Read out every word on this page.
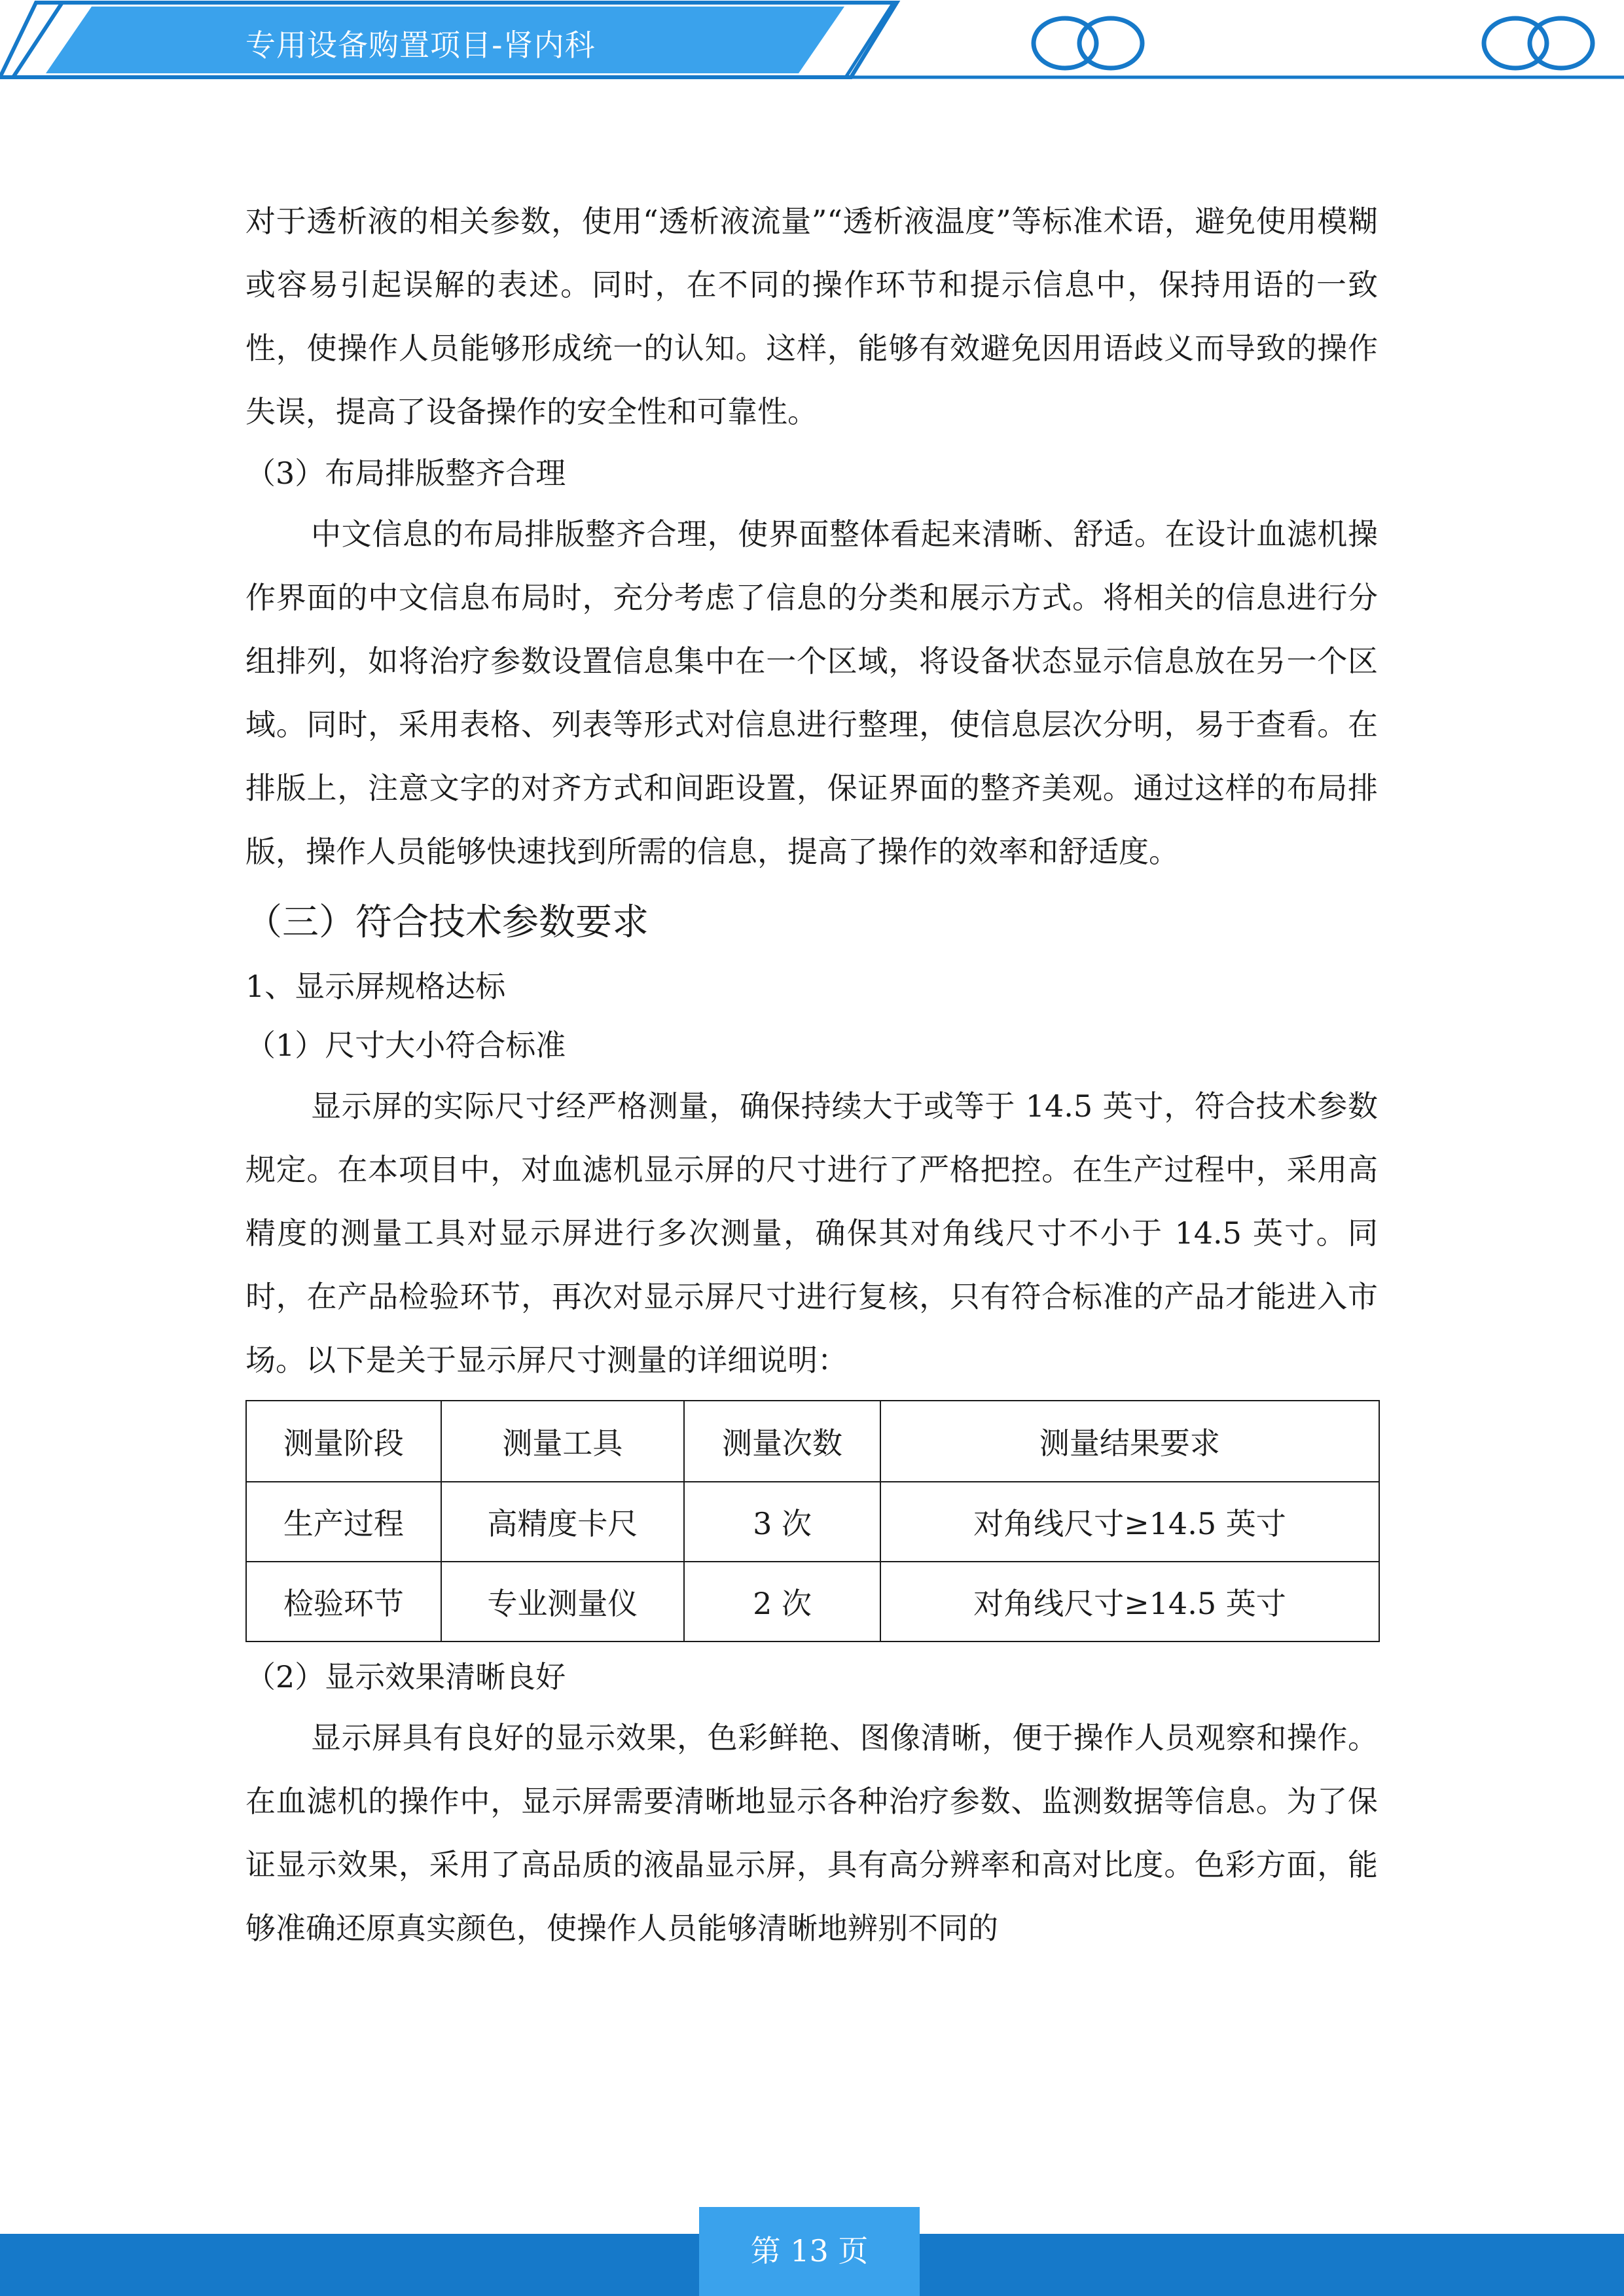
专用设备购置项目-肾内科

对于透析液的相关参数，使用“透析液流量”“透析液温度”等标准术语，避免使用模糊或容易引起误解的表述。同时，在不同的操作环节和提示信息中，保持用语的一致性，使操作人员能够形成统一的认知。这样，能够有效避免因用语歧义而导致的操作失误，提高了设备操作的安全性和可靠性。

（3）布局排版整齐合理

中文信息的布局排版整齐合理，使界面整体看起来清晰、舒适。在设计血滤机操作界面的中文信息布局时，充分考虑了信息的分类和展示方式。将相关的信息进行分组排列，如将治疗参数设置信息集中在一个区域，将设备状态显示信息放在另一个区域。同时，采用表格、列表等形式对信息进行整理，使信息层次分明，易于查看。在排版上，注意文字的对齐方式和间距设置，保证界面的整齐美观。通过这样的布局排版，操作人员能够快速找到所需的信息，提高了操作的效率和舒适度。

（三）符合技术参数要求

1、显示屏规格达标

（1）尺寸大小符合标准

显示屏的实际尺寸经严格测量，确保持续大于或等于 14.5 英寸，符合技术参数规定。在本项目中，对血滤机显示屏的尺寸进行了严格把控。在生产过程中，采用高精度的测量工具对显示屏进行多次测量，确保其对角线尺寸不小于 14.5 英寸。同时，在产品检验环节，再次对显示屏尺寸进行复核，只有符合标准的产品才能进入市场。以下是关于显示屏尺寸测量的详细说明：

测量阶段	测量工具	测量次数	测量结果要求
生产过程	高精度卡尺	3 次	对角线尺寸≥14.5 英寸
检验环节	专业测量仪	2 次	对角线尺寸≥14.5 英寸

（2）显示效果清晰良好

显示屏具有良好的显示效果，色彩鲜艳、图像清晰，便于操作人员观察和操作。在血滤机的操作中，显示屏需要清晰地显示各种治疗参数、监测数据等信息。为了保证显示效果，采用了高品质的液晶显示屏，具有高分辨率和高对比度。色彩方面，能够准确还原真实颜色，使操作人员能够清晰地辨别不同的

第 13 页
